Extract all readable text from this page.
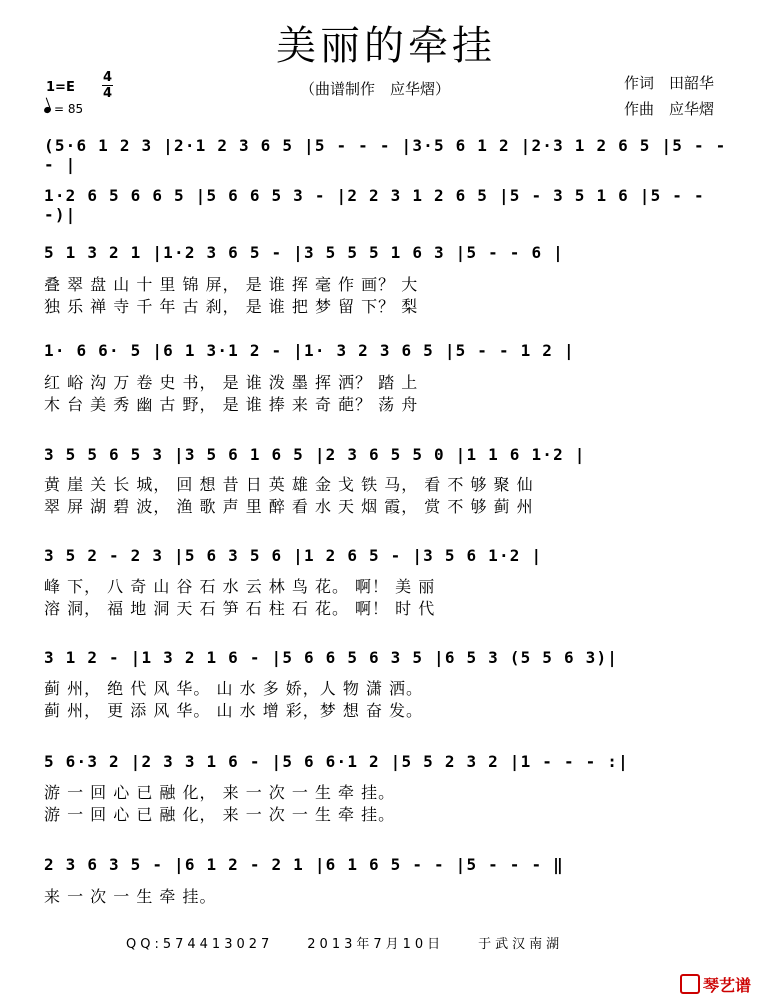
美丽的牵挂
（曲谱制作　应华熠）	作词　田韶华
作曲　应华熠
1=E
4
4
= 85
(5·6 1 2 3 |2·1 2 3 6 5 |5 - - - |3·5 6 1 2 |2·3 1 2 6 5 |5 - - - |
1·2 6 5 6 6 5 |5 6 6 5 3 - |2 2 3 1 2 6 5 |5 - 3 5 1 6 |5 - - -)|
5 1 3 2 1 |1·2 3 6 5 - |3 5 5 5 1 6 3 |5 - - 6 |
叠 翠 盘 山 十 里 锦 屏， 是 谁 挥 毫 作 画？ 大
独 乐 禅 寺 千 年 古 刹， 是 谁 把 梦 留 下？ 梨
1· 6 6· 5 |6 1 3·1 2 - |1· 3 2 3 6 5 |5 - - 1 2 |
红 峪 沟 万 卷 史 书， 是 谁 泼 墨 挥 洒？ 踏 上
木 台 美 秀 幽 古 野， 是 谁 捧 来 奇 葩？ 荡 舟
3 5 5 6 5 3 |3 5 6 1 6 5 |2 3 6 5 5 0 |1 1 6 1·2 |
黄 崖 关 长 城， 回 想 昔 日 英 雄 金 戈 铁 马， 看 不 够 聚 仙
翠 屏 湖 碧 波， 渔 歌 声 里 醉 看 水 天 烟 霞， 赏 不 够 蓟 州
3 5 2 - 2 3 |5 6 3 5 6 |1 2 6 5 - |3 5 6 1·2 |
峰 下， 八 奇 山 谷 石 水 云 林 鸟 花。 啊！ 美 丽
溶 洞， 福 地 洞 天 石 笋 石 柱 石 花。 啊！ 时 代
3 1 2 - |1 3 2 1 6 - |5 6 6 5 6 3 5 |6 5 3 (5 5 6 3)|
蓟 州， 绝 代 风 华。 山 水 多 娇，人 物 潇 洒。
蓟 州， 更 添 风 华。 山 水 增 彩，梦 想 奋 发。
5 6·3 2 |2 3 3 1 6 - |5 6 6·1 2 |5 5 2 3 2 |1 - - - :|
游 一 回 心 已 融 化， 来 一 次 一 生 牵 挂。
游 一 回 心 已 融 化， 来 一 次 一 生 牵 挂。
2 3 6 3 5 - |6 1 2 - 2 1 |6 1 6 5 - - |5 - - - ‖
来 一 次 一 生 牵 挂。
QQ:574413027　　2013年7月10日　　于武汉南湖
琴艺谱
